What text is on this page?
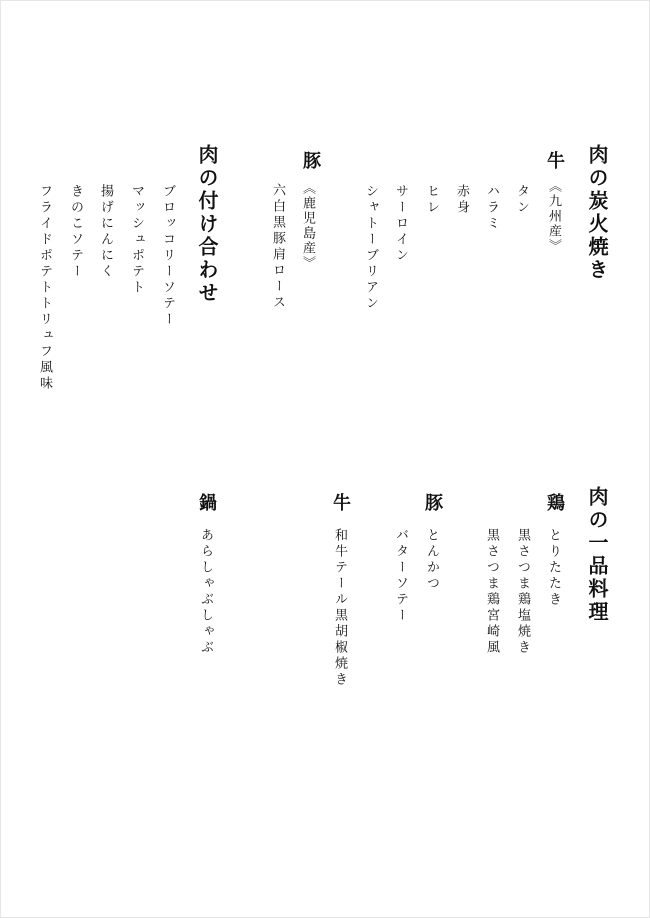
肉の炭火焼き
牛
《九州産》
タン
ハラミ
赤身
ヒレ
サーロイン
シャトーブリアン
豚
《鹿児島産》
六白黒豚肩ロース
肉の付け合わせ
ブロッコリーソテー
マッシュポテト
揚げにんにく
きのこソテー
フライドポテトトリュフ風味
肉の一品料理
鶏
とりたたき
黒さつま鶏塩焼き
黒さつま鶏宮崎風
豚
とんかつ
バターソテー
牛
和牛テール黒胡椒焼き
鍋
あらしゃぶしゃぶ
